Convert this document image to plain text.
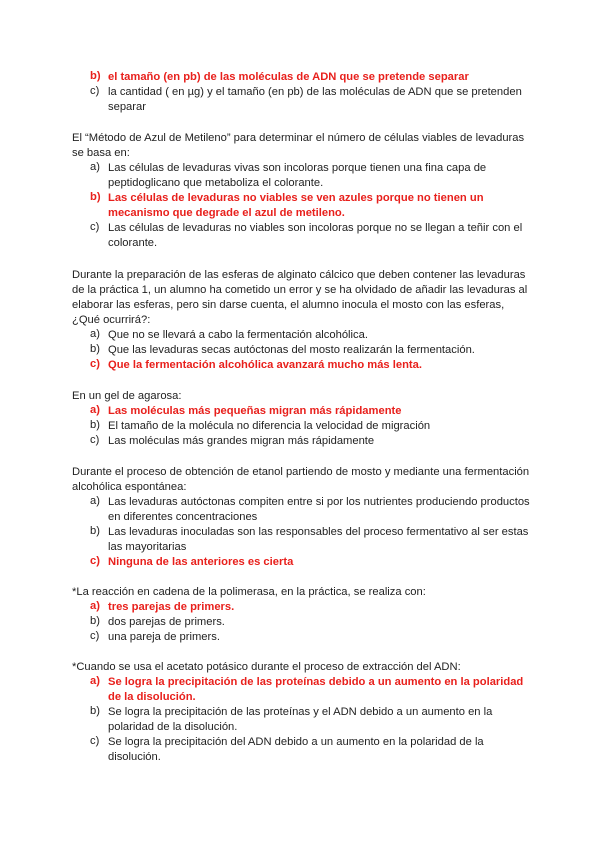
b) el tamaño (en pb) de las moléculas de ADN que se pretende separar
c) la cantidad ( en µg) y el tamaño (en pb) de las moléculas de ADN que se pretenden
separar
El “Método de Azul de Metileno” para determinar el número de células viables de levaduras
se basa en:
a) Las células de levaduras vivas son incoloras porque tienen una fina capa de
peptidoglicano que metaboliza el colorante.
b) Las células de levaduras no viables se ven azules porque no tienen un
mecanismo que degrade el azul de metileno.
c) Las células de levaduras no viables son incoloras porque no se llegan a teñir con el
colorante.
Durante la preparación de las esferas de alginato cálcico que deben contener las levaduras
de la práctica 1, un alumno ha cometido un error y se ha olvidado de añadir las levaduras al
elaborar las esferas, pero sin darse cuenta, el alumno inocula el mosto con las esferas,
¿Qué ocurrirá?:
a) Que no se llevará a cabo la fermentación alcohólica.
b) Que las levaduras secas autóctonas del mosto realizarán la fermentación.
c) Que la fermentación alcohólica avanzará mucho más lenta.
En un gel de agarosa:
a) Las moléculas más pequeñas migran más rápidamente
b) El tamaño de la molécula no diferencia la velocidad de migración
c) Las moléculas más grandes migran más rápidamente
Durante el proceso de obtención de etanol partiendo de mosto y mediante una fermentación
alcohólica espontánea:
a) Las levaduras autóctonas compiten entre si por los nutrientes produciendo productos
en diferentes concentraciones
b) Las levaduras inoculadas son las responsables del proceso fermentativo al ser estas
las mayoritarias
c) Ninguna de las anteriores es cierta
*La reacción en cadena de la polimerasa, en la práctica, se realiza con:
a) tres parejas de primers.
b) dos parejas de primers.
c) una pareja de primers.
*Cuando se usa el acetato potásico durante el proceso de extracción del ADN:
a) Se logra la precipitación de las proteínas debido a un aumento en la polaridad
de la disolución.
b) Se logra la precipitación de las proteínas y el ADN debido a un aumento en la
polaridad de la disolución.
c) Se logra la precipitación del ADN debido a un aumento en la polaridad de la
disolución.
